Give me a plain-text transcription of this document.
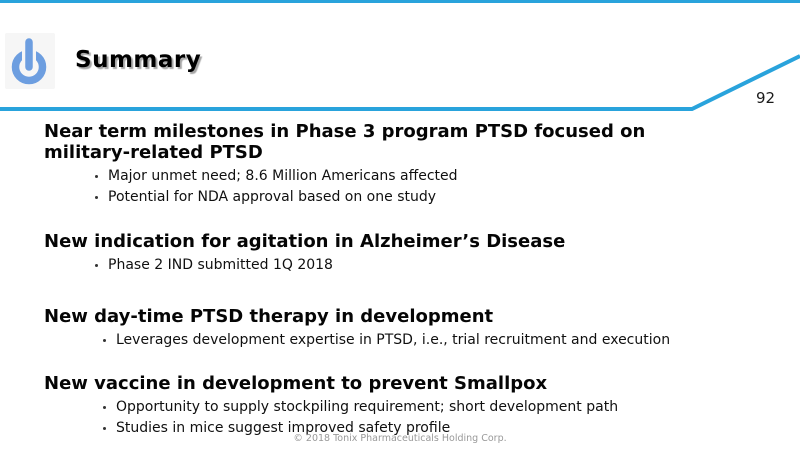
Summary
92
Near term milestones in Phase 3 program PTSD focused on
military-related PTSD
Major unmet need; 8.6 Million Americans affected
Potential for NDA approval based on one study
New indication for agitation in Alzheimer’s Disease
Phase 2 IND submitted 1Q 2018
New day-time PTSD therapy in development
Leverages development expertise in PTSD, i.e., trial recruitment and execution
New vaccine in development to prevent Smallpox
Opportunity to supply stockpiling requirement; short development path
Studies in mice suggest improved safety profile
© 2018 Tonix Pharmaceuticals Holding Corp.
